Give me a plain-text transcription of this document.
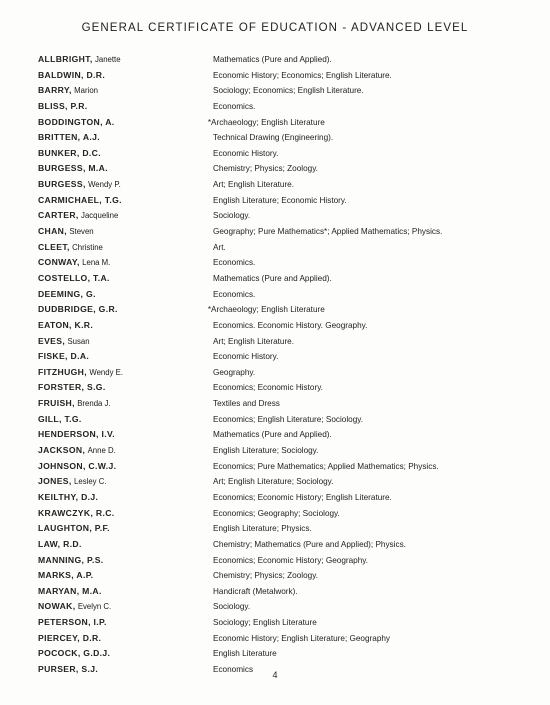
GENERAL CERTIFICATE OF EDUCATION - ADVANCED LEVEL
ALLBRIGHT, Janette	Mathematics (Pure and Applied).
BALDWIN, D.R.	Economic History; Economics; English Literature.
BARRY, Marion	Sociology; Economics; English Literature.
BLISS, P.R.	Economics.
BODDINGTON, A.	*Archaeology; English Literature
BRITTEN, A.J.	Technical Drawing (Engineering).
BUNKER, D.C.	Economic History.
BURGESS, M.A.	Chemistry; Physics; Zoology.
BURGESS, Wendy P.	Art; English Literature.
CARMICHAEL, T.G.	English Literature; Economic History.
CARTER, Jacqueline	Sociology.
CHAN, Steven	Geography; Pure Mathematics*; Applied Mathematics; Physics.
CLEET, Christine	Art.
CONWAY, Lena M.	Economics.
COSTELLO, T.A.	Mathematics (Pure and Applied).
DEEMING, G.	Economics.
DUDBRIDGE, G.R.	*Archaeology; English Literature
EATON, K.R.	Economics. Economic History. Geography.
EVES, Susan	Art; English Literature.
FISKE, D.A.	Economic History.
FITZHUGH, Wendy E.	Geography.
FORSTER, S.G.	Economics; Economic History.
FRUISH, Brenda J.	Textiles and Dress
GILL, T.G.	Economics; English Literature; Sociology.
HENDERSON, I.V.	Mathematics (Pure and Applied).
JACKSON, Anne D.	English Literature; Sociology.
JOHNSON, C.W.J.	Economics; Pure Mathematics; Applied Mathematics; Physics.
JONES, Lesley C.	Art; English Literature; Sociology.
KEILTHY, D.J.	Economics; Economic History; English Literature.
KRAWCZYK, R.C.	Economics; Geography; Sociology.
LAUGHTON, P.F.	English Literature; Physics.
LAW, R.D.	Chemistry; Mathematics (Pure and Applied); Physics.
MANNING, P.S.	Economics; Economic History; Geography.
MARKS, A.P.	Chemistry; Physics; Zoology.
MARYAN, M.A.	Handicraft (Metalwork).
NOWAK, Evelyn C.	Sociology.
PETERSON, I.P.	Sociology; English Literature
PIERCEY, D.R.	Economic History; English Literature; Geography
POCOCK, G.D.J.	English Literature
PURSER, S.J.	Economics
4
